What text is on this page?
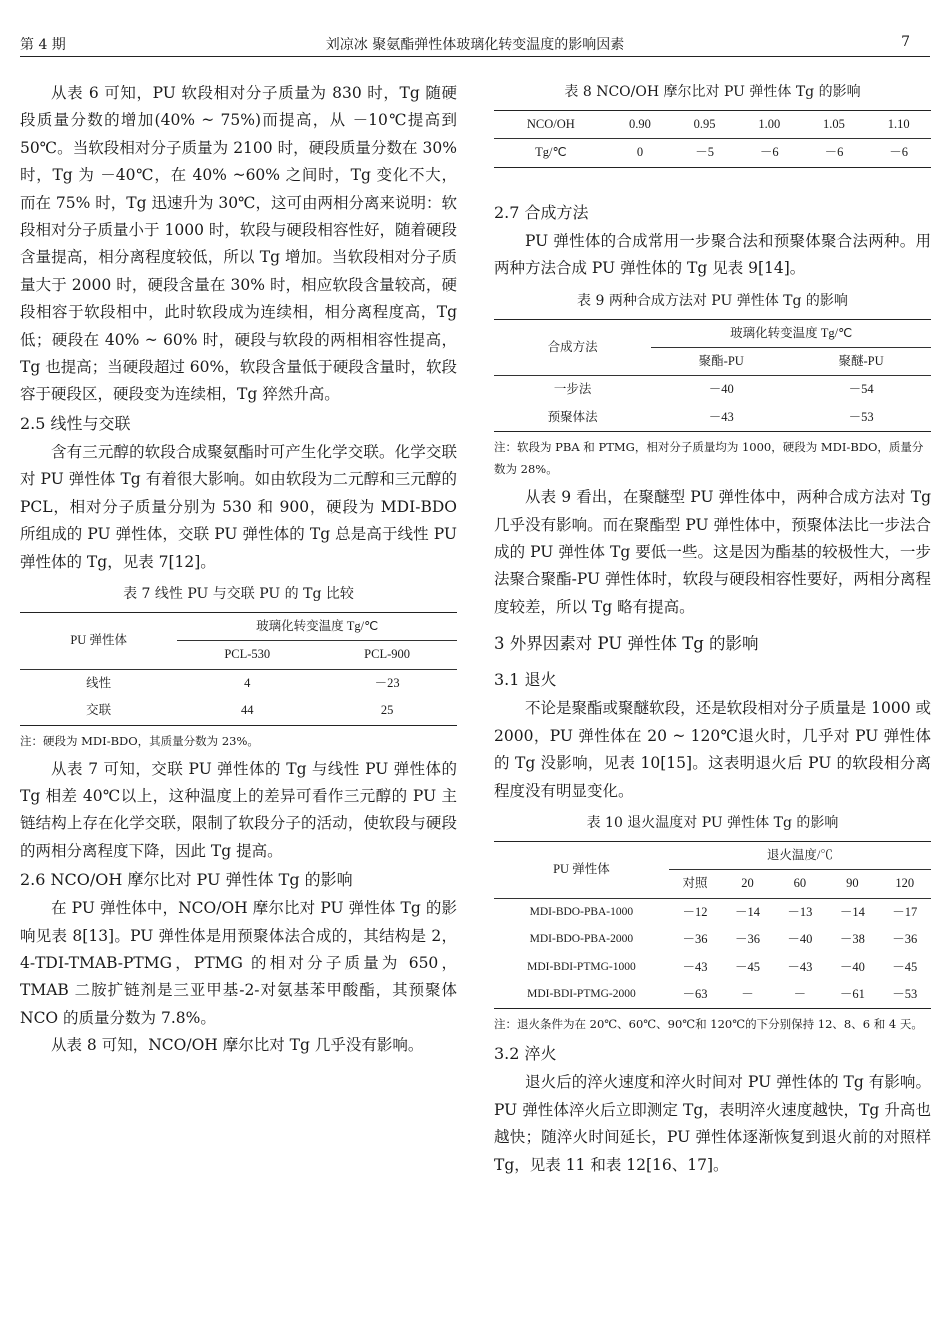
第 4 期	刘凉冰 聚氨酯弹性体玻璃化转变温度的影响因素	7

从表 6 可知，PU 软段相对分子质量为 830 时，Tg 随硬段质量分数的增加(40% ~ 75%)而提高，从 －10℃提高到 50℃。当软段相对分子质量为 2100 时，硬段质量分数在 30% 时，Tg 为 －40℃，在 40% ~60% 之间时，Tg 变化不大，而在 75% 时，Tg 迅速升为 30℃，这可由两相分离来说明：软段相对分子质量小于 1000 时，软段与硬段相容性好，随着硬段含量提高，相分离程度较低，所以 Tg 增加。当软段相对分子质量大于 2000 时，硬段含量在 30% 时，相应软段含量较高，硬段相容于软段相中，此时软段成为连续相，相分离程度高，Tg 低；硬段在 40% ~ 60% 时，硬段与软段的两相相容性提高，Tg 也提高；当硬段超过 60%，软段含量低于硬段含量时，软段容于硬段区，硬段变为连续相，Tg 猝然升高。

2.5 线性与交联

含有三元醇的软段合成聚氨酯时可产生化学交联。化学交联对 PU 弹性体 Tg 有着很大影响。如由软段为二元醇和三元醇的 PCL，相对分子质量分别为 530 和 900，硬段为 MDI-BDO 所组成的 PU 弹性体，交联 PU 弹性体的 Tg 总是高于线性 PU 弹性体的 Tg，见表 7[12]。

表 7 线性 PU 与交联 PU 的 Tg 比较
PU 弹性体	玻璃化转变温度 Tg/℃	
	PCL-530	PCL-900
线性	4	－23
交联	44	25
注：硬段为 MDI-BDO，其质量分数为 23%。

从表 7 可知，交联 PU 弹性体的 Tg 与线性 PU 弹性体的 Tg 相差 40℃以上，这种温度上的差异可看作三元醇的 PU 主链结构上存在化学交联，限制了软段分子的活动，使软段与硬段的两相分离程度下降，因此 Tg 提高。

2.6 NCO/OH 摩尔比对 PU 弹性体 Tg 的影响

在 PU 弹性体中，NCO/OH 摩尔比对 PU 弹性体 Tg 的影响见表 8[13]。PU 弹性体是用预聚体法合成的，其结构是 2，4-TDI-TMAB-PTMG，PTMG 的相对分子质量为 650，TMAB 二胺扩链剂是三亚甲基-2-对氨基苯甲酸酯，其预聚体 NCO 的质量分数为 7.8%。

从表 8 可知，NCO/OH 摩尔比对 Tg 几乎没有影响。

表 8 NCO/OH 摩尔比对 PU 弹性体 Tg 的影响
NCO/OH	0.90	0.95	1.00	1.05	1.10
Tg/℃	0	－5	－6	－6	－6
2.7 合成方法

PU 弹性体的合成常用一步聚合法和预聚体聚合法两种。用两种方法合成 PU 弹性体的 Tg 见表 9[14]。

表 9 两种合成方法对 PU 弹性体 Tg 的影响
合成方法	玻璃化转变温度 Tg/℃	
	聚酯-PU	聚醚-PU
一步法	－40	－54
预聚体法	－43	－53
注：软段为 PBA 和 PTMG，相对分子质量均为 1000，硬段为 MDI-BDO，质量分数为 28%。

从表 9 看出，在聚醚型 PU 弹性体中，两种合成方法对 Tg 几乎没有影响。而在聚酯型 PU 弹性体中，预聚体法比一步法合成的 PU 弹性体 Tg 要低一些。这是因为酯基的较极性大，一步法聚合聚酯-PU 弹性体时，软段与硬段相容性要好，两相分离程度较差，所以 Tg 略有提高。

3 外界因素对 PU 弹性体 Tg 的影响
3.1 退火

不论是聚酯或聚醚软段，还是软段相对分子质量是 1000 或 2000，PU 弹性体在 20 ~ 120℃退火时，几乎对 PU 弹性体的 Tg 没影响，见表 10[15]。这表明退火后 PU 的软段相分离程度没有明显变化。

表 10 退火温度对 PU 弹性体 Tg 的影响
PU 弹性体	退火温度/℃				
	对照	20	60	90	120
MDI-BDO-PBA-1000	－12	－14	－13	－14	－17
MDI-BDO-PBA-2000	－36	－36	－40	－38	－36
MDI-BDI-PTMG-1000	－43	－45	－43	－40	－45
MDI-BDI-PTMG-2000	－63	－	－	－61	－53
注：退火条件为在 20℃、60℃、90℃和 120℃的下分别保持 12、8、6 和 4 天。
3.2 淬火

退火后的淬火速度和淬火时间对 PU 弹性体的 Tg 有影响。PU 弹性体淬火后立即测定 Tg，表明淬火速度越快，Tg 升高也越快；随淬火时间延长，PU 弹性体逐渐恢复到退火前的对照样 Tg，见表 11 和表 12[16、17]。
